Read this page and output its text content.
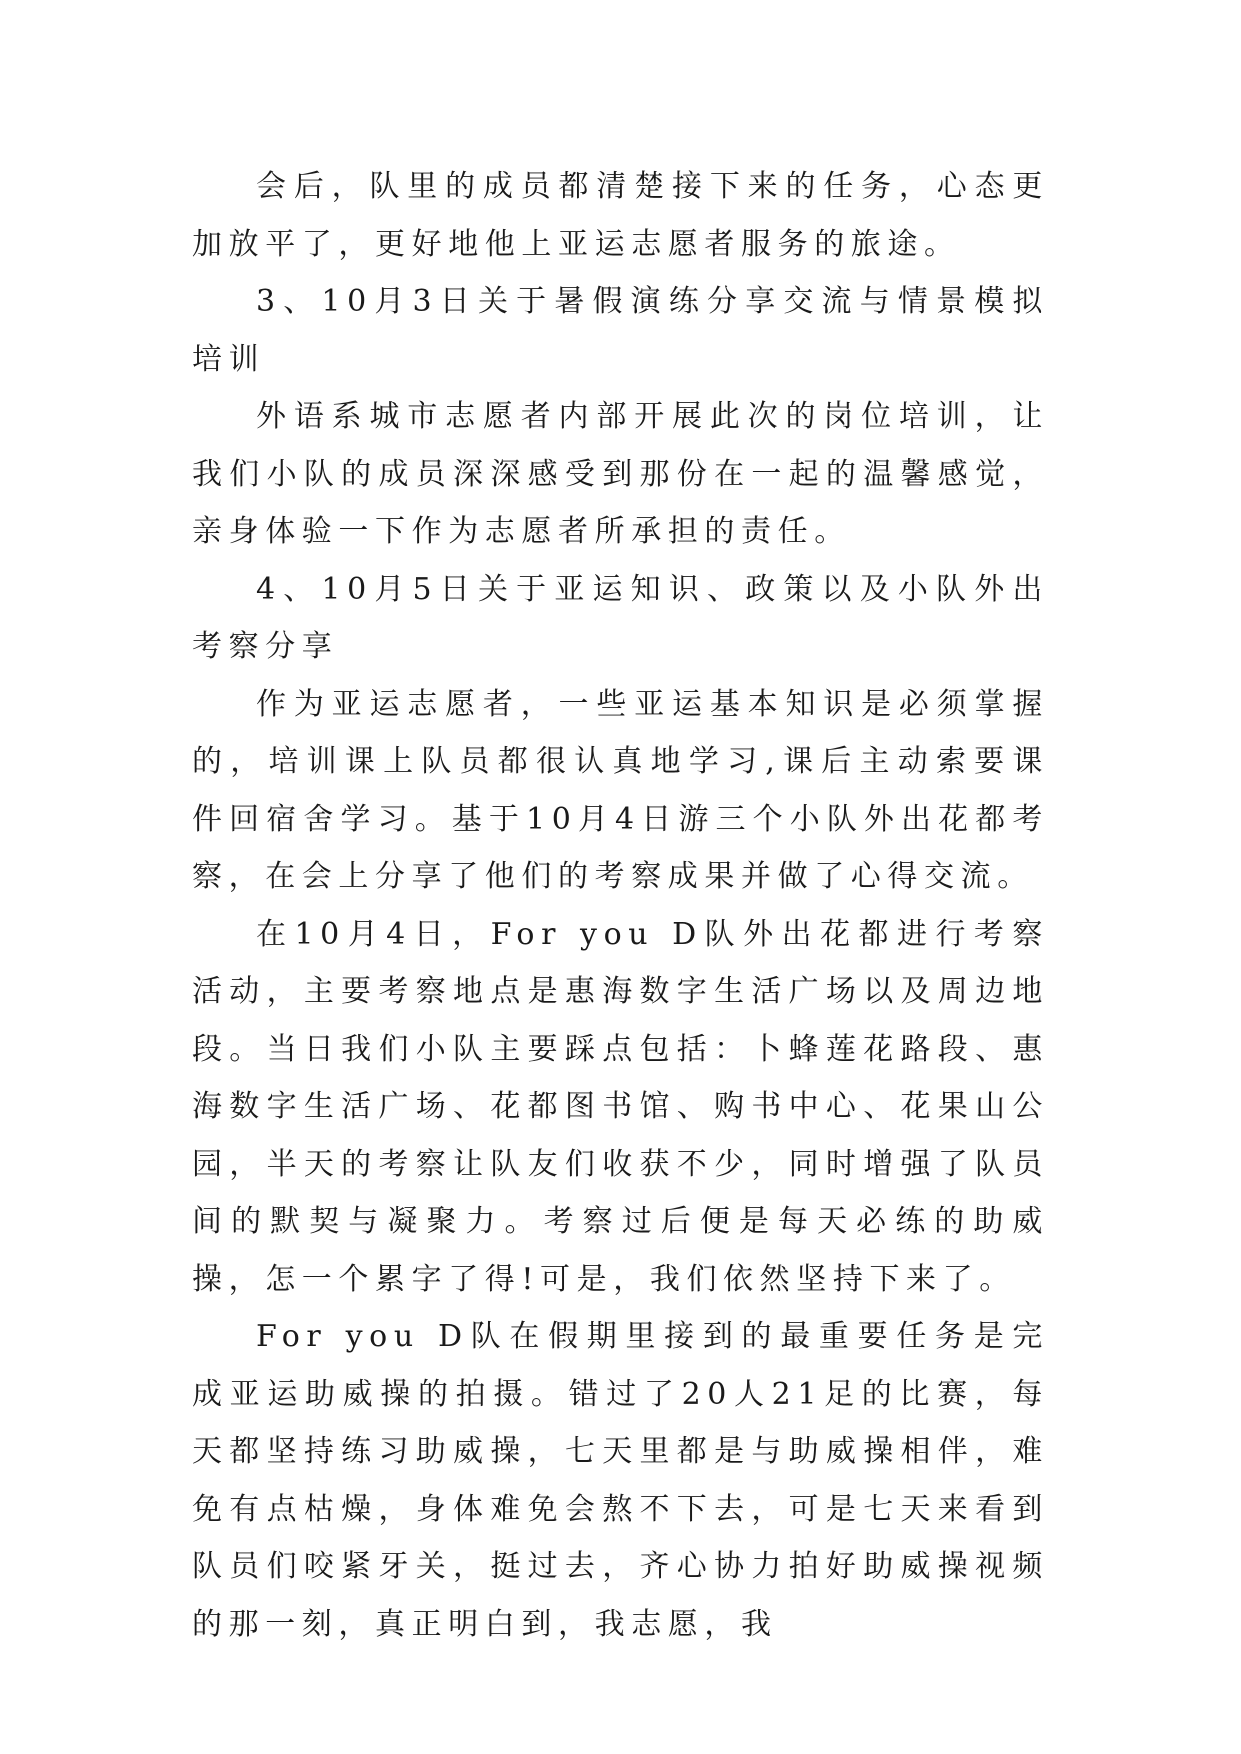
会后，队里的成员都清楚接下来的任务，心态更加放平了，更好地他上亚运志愿者服务的旅途。

3、10月3日关于暑假演练分享交流与情景模拟培训

外语系城市志愿者内部开展此次的岗位培训，让我们小队的成员深深感受到那份在一起的温馨感觉，亲身体验一下作为志愿者所承担的责任。

4、10月5日关于亚运知识、政策以及小队外出考察分享

作为亚运志愿者，一些亚运基本知识是必须掌握的，培训课上队员都很认真地学习,课后主动索要课件回宿舍学习。基于10月4日游三个小队外出花都考察，在会上分享了他们的考察成果并做了心得交流。

在10月4日，For you D队外出花都进行考察活动，主要考察地点是惠海数字生活广场以及周边地段。当日我们小队主要踩点包括：卜蜂莲花路段、惠海数字生活广场、花都图书馆、购书中心、花果山公园，半天的考察让队友们收获不少，同时增强了队员间的默契与凝聚力。考察过后便是每天必练的助威操，怎一个累字了得!可是，我们依然坚持下来了。

For you D队在假期里接到的最重要任务是完成亚运助威操的拍摄。错过了20人21足的比赛，每天都坚持练习助威操，七天里都是与助威操相伴，难免有点枯燥，身体难免会熬不下去，可是七天来看到队员们咬紧牙关，挺过去，齐心协力拍好助威操视频的那一刻，真正明白到，我志愿，我
